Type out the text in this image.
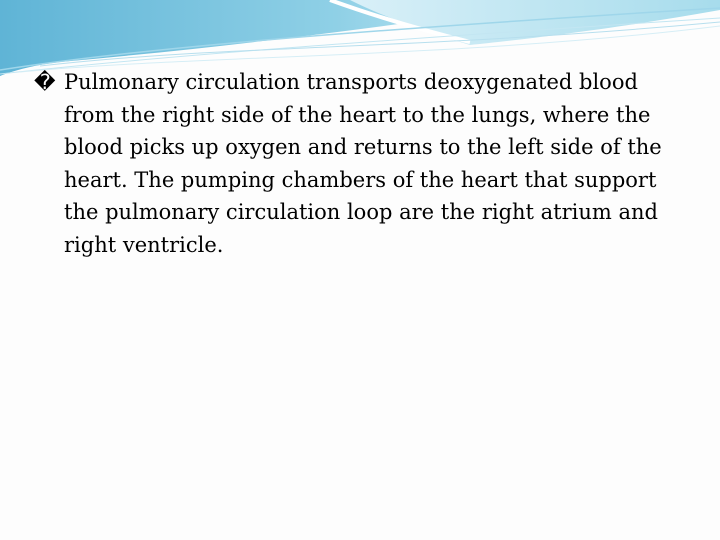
� Pulmonary circulation transports deoxygenated blood from the right side of the heart to the lungs, where the blood picks up oxygen and returns to the left side of the heart. The pumping chambers of the heart that support the pulmonary circulation loop are the right atrium and right ventricle.
